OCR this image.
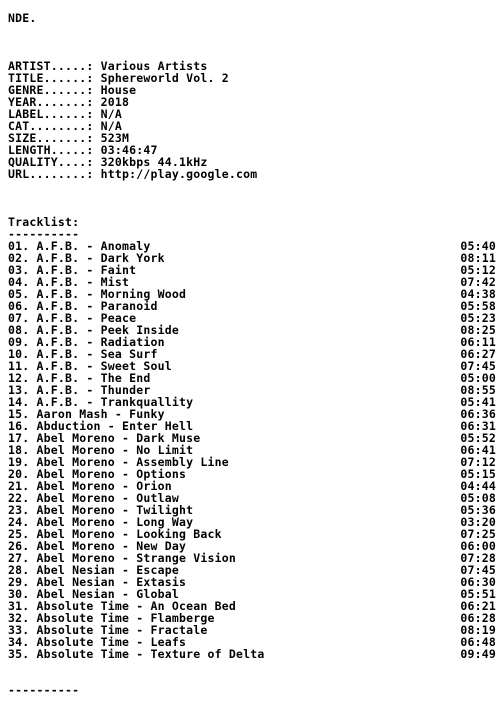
NDE.
ARTIST.....: Various Artists
TITLE......: Sphereworld Vol. 2
GENRE......: House
YEAR.......: 2018
LABEL......: N/A
CAT........: N/A
SIZE.......: 523M
LENGTH.....: 03:46:47
QUALITY....: 320kbps 44.1kHz
URL........: http://play.google.com
Tracklist:
----------
01. A.F.B. - Anomaly	05:40
02. A.F.B. - Dark York	08:11
03. A.F.B. - Faint	05:12
04. A.F.B. - Mist	07:42
05. A.F.B. - Morning Wood	04:38
06. A.F.B. - Paranoid	05:58
07. A.F.B. - Peace	05:23
08. A.F.B. - Peek Inside	08:25
09. A.F.B. - Radiation	06:11
10. A.F.B. - Sea Surf	06:27
11. A.F.B. - Sweet Soul	07:45
12. A.F.B. - The End	05:00
13. A.F.B. - Thunder	08:55
14. A.F.B. - Trankquallity	05:41
15. Aaron Mash - Funky	06:36
16. Abduction - Enter Hell	06:31
17. Abel Moreno - Dark Muse	05:52
18. Abel Moreno - No Limit	06:41
19. Abel Moreno - Assembly Line	07:12
20. Abel Moreno - Options	05:15
21. Abel Moreno - Orion	04:44
22. Abel Moreno - Outlaw	05:08
23. Abel Moreno - Twilight	05:36
24. Abel Moreno - Long Way	03:20
25. Abel Moreno - Looking Back	07:25
26. Abel Moreno - New Day	06:00
27. Abel Moreno - Strange Vision	07:28
28. Abel Nesian - Escape	07:45
29. Abel Nesian - Extasis	06:30
30. Abel Nesian - Global	05:51
31. Absolute Time - An Ocean Bed	06:21
32. Absolute Time - Flamberge	06:28
33. Absolute Time - Fractale	08:19
34. Absolute Time - Leafs	06:48
35. Absolute Time - Texture of Delta	09:49
----------
